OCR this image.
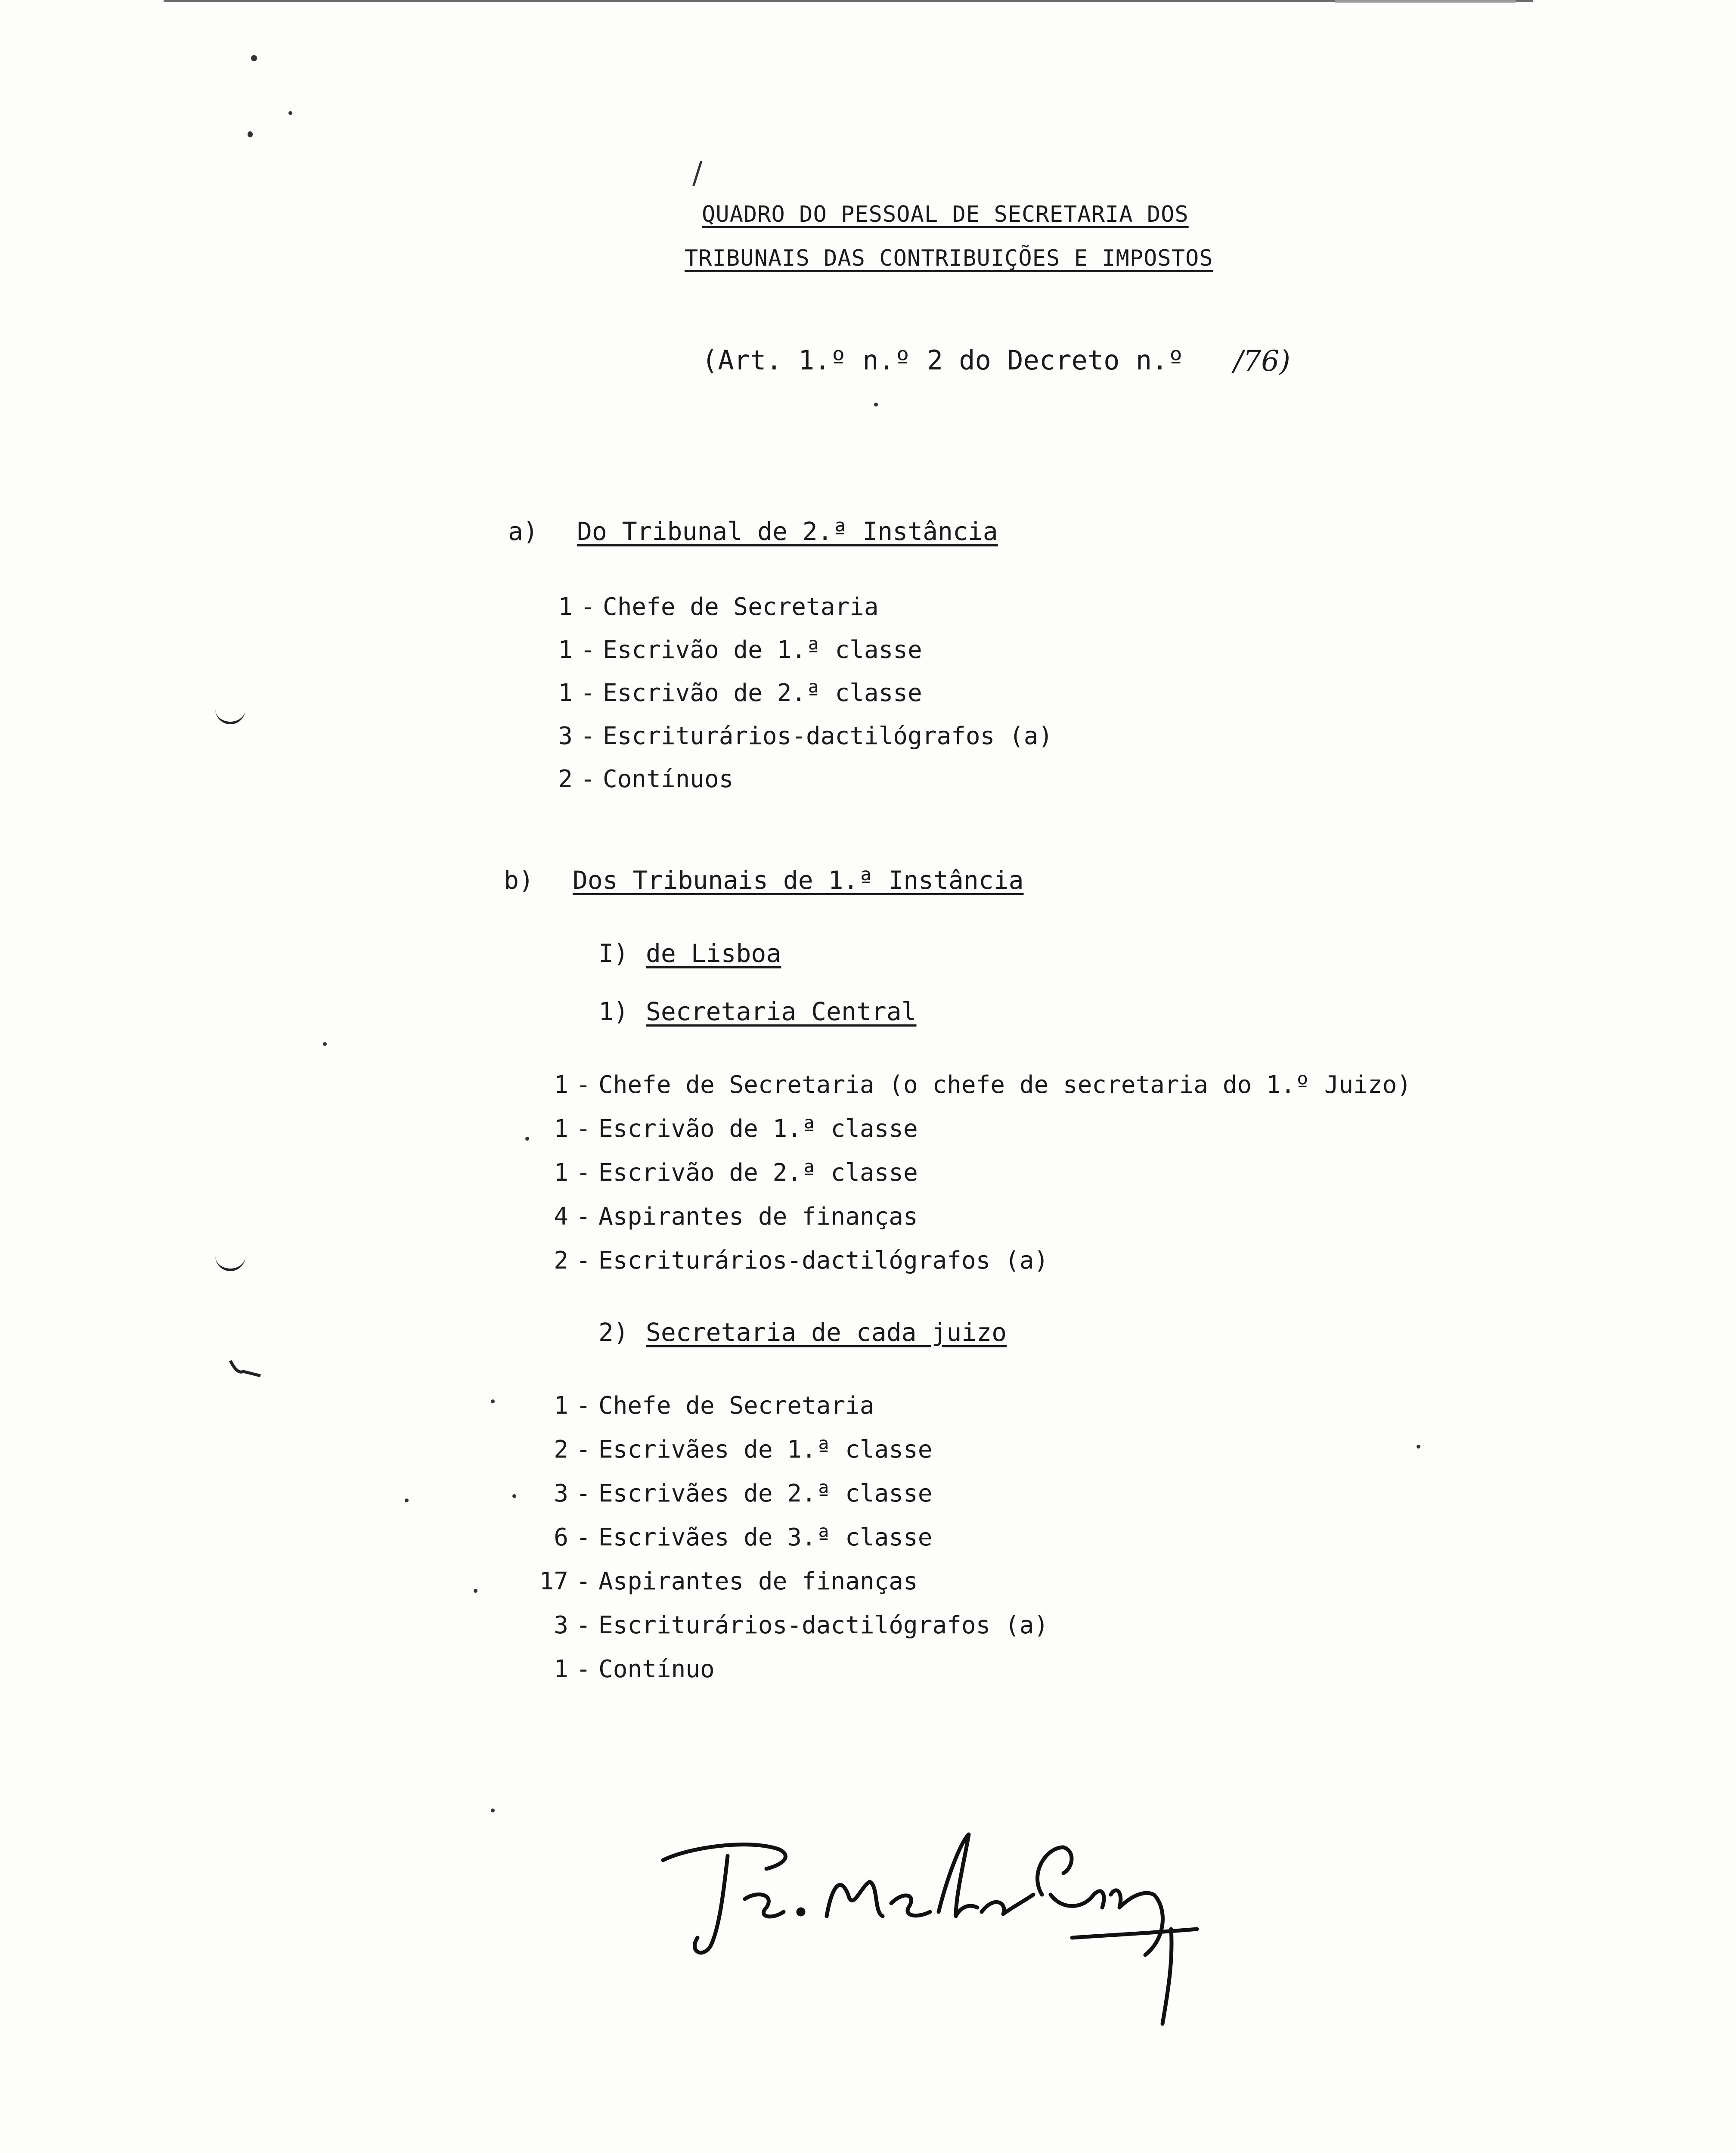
/
QUADRO DO PESSOAL DE SECRETARIA DOS
TRIBUNAIS DAS CONTRIBUIÇÕES E IMPOSTOS
(Art. 1.º n.º 2 do Decreto n.º /76)
a) Do Tribunal de 2.ª Instância
1 - Chefe de Secretaria
1 - Escrivão de 1.ª classe
1 - Escrivão de 2.ª classe
3 - Escriturários-dactilógrafos (a)
2 - Contínuos
b) Dos Tribunais de 1.ª Instância
I) de Lisboa
1) Secretaria Central
1 - Chefe de Secretaria (o chefe de secretaria do 1.º Juizo)
1 - Escrivão de 1.ª classe
1 - Escrivão de 2.ª classe
4 - Aspirantes de finanças
2 - Escriturários-dactilógrafos (a)
2) Secretaria de cada juizo
1 - Chefe de Secretaria
2 - Escrivães de 1.ª classe
3 - Escrivães de 2.ª classe
6 - Escrivães de 3.ª classe
17 - Aspirantes de finanças
3 - Escriturários-dactilógrafos (a)
1 - Contínuo
